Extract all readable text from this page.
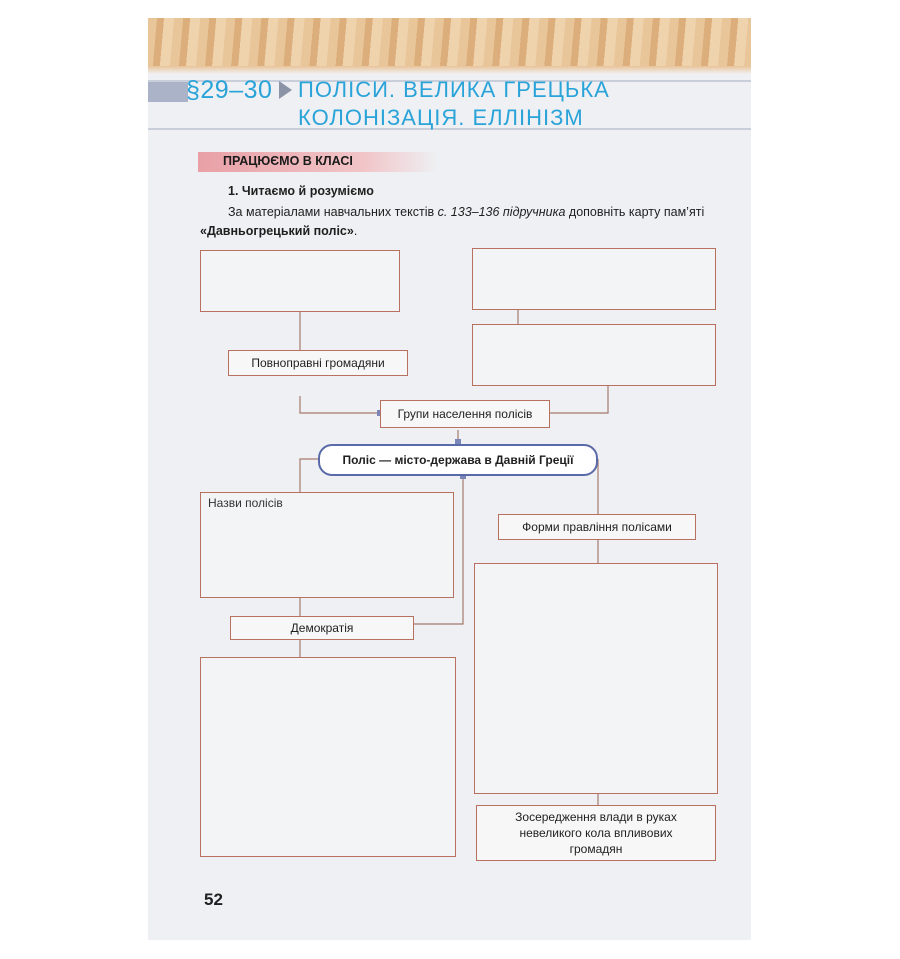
§29–30 ПОЛІСИ. ВЕЛИКА ГРЕЦЬКА КОЛОНІЗАЦІЯ. ЕЛЛІНІЗМ
ПРАЦЮЄМО В КЛАСІ
1. Читаємо й розуміємо
За матеріалами навчальних текстів с. 133–136 підручника доповніть карту пам’яті «Давньогрецький поліс».
Повноправні громадяни
Групи населення полісів
Поліс — місто-держава в Давній Греції
Назви полісів
Форми правління полісами
Демократія
Зосередження влади в руках невеликого кола впливових громадян
52
